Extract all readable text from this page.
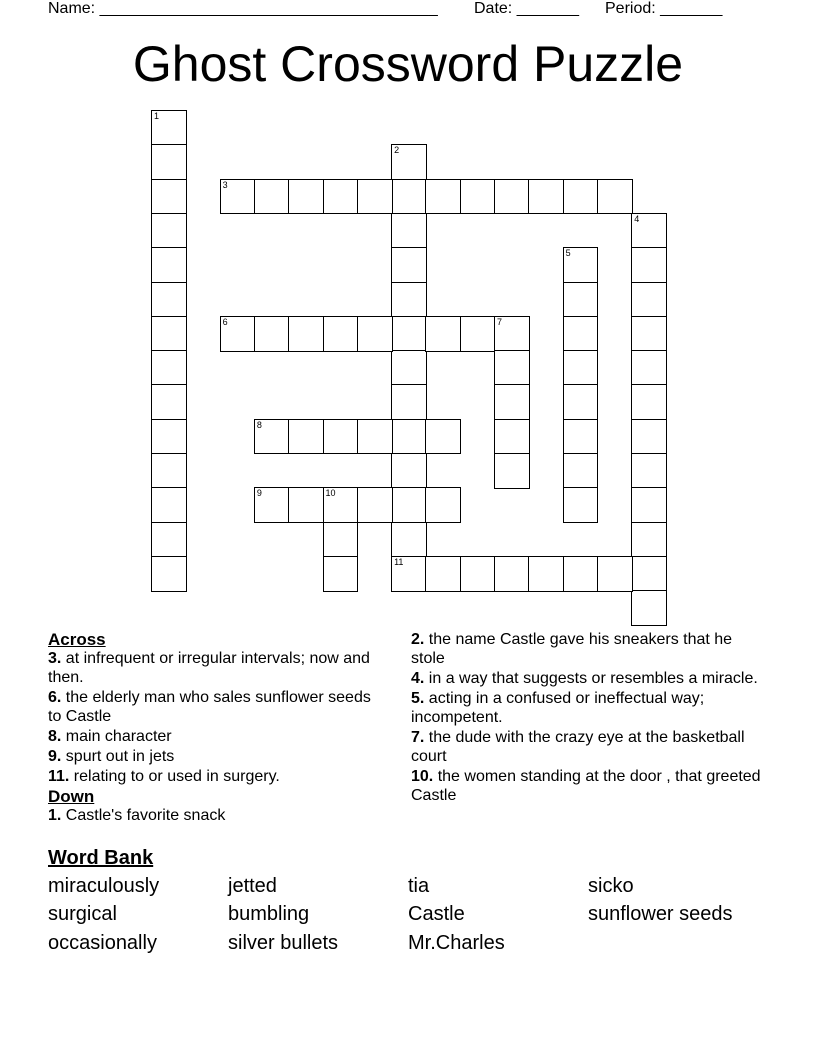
Name: ______________________________________ Date: _______ Period: _______
Ghost Crossword Puzzle
1
2
11
3
4
5
6	7
8
9	10
Across
3. at infrequent or irregular intervals; now and then.
6. the elderly man who sales sunflower seeds to Castle
8. main character
9. spurt out in jets
11. relating to or used in surgery.
Down
1. Castle's favorite snack
2. the name Castle gave his sneakers that he stole
4. in a way that suggests or resembles a miracle.
5. acting in a confused or ineffectual way; incompetent.
7. the dude with the crazy eye at the basketball court
10. the women standing at the door , that greeted Castle
Word Bank
miraculously	jetted	tia	sicko
surgical	bumbling	Castle	sunflower seeds
occasionally	silver bullets	Mr.Charles
